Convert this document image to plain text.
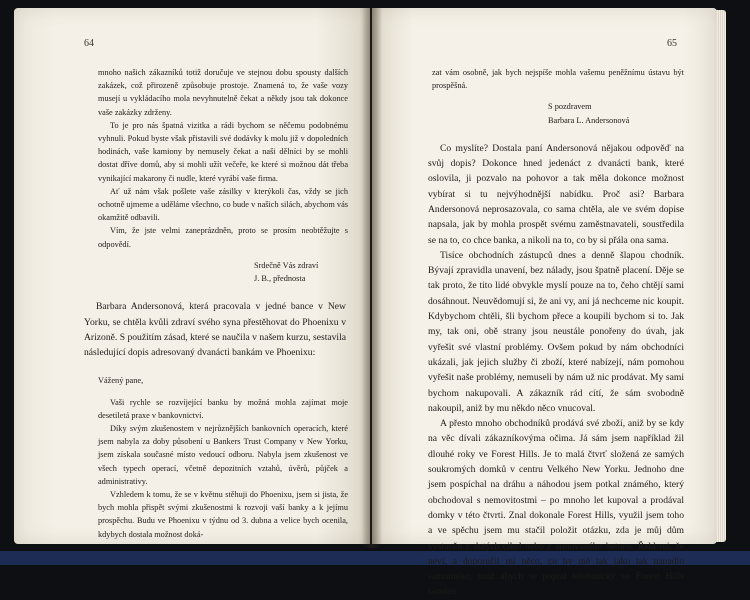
64

mnoho našich zákazníků totiž doručuje ve stejnou dobu spousty dalších zakázek, což přirozeně způsobuje prostoje. Znamená to, že vaše vozy musejí u vykládacího mola nevyhnutelně čekat a někdy jsou tak dokonce vaše zakázky zdrženy.

To je pro nás špatná vizitka a rádi bychom se něčemu podobnému vyhnuli. Pokud byste však přistavili své dodávky k molu již v dopoledních hodinách, vaše kamiony by nemusely čekat a naši dělníci by se mohli dostat dříve domů, aby si mohli užít večeře, ke které si možnou dát třeba vynikající makarony či nudle, které vyrábí vaše firma.

Ať už nám však pošlete vaše zásilky v kterýkoli čas, vždy se jich ochotně ujmeme a uděláme všechno, co bude v našich silách, abychom vás okamžitě odbavili.

Vím, že jste velmi zaneprázdněn, proto se prosím neobtěžujte s odpovědí.

Srdečně Vás zdraví

J. B., přednosta

Barbara Andersonová, která pracovala v jedné bance v New Yorku, se chtěla kvůli zdraví svého syna přestěhovat do Phoenixu v Arizoně. S použitím zásad, které se naučila v našem kurzu, sestavila následující dopis adresovaný dvanácti bankám ve Phoenixu:

Vážený pane,

Vaši rychle se rozvíjející banku by možná mohla zajímat moje desetiletá praxe v bankovnictví.

Díky svým zkušenostem v nejrůznějších bankovních operacích, které jsem nabyla za doby působení u Bankers Trust Company v New Yorku, jsem získala současné místo vedoucí odboru. Nabyla jsem zkušenost ve všech typech operací, včetně depozitních vztahů, úvěrů, půjček a administrativy.

Vzhledem k tomu, že se v květnu stěhuji do Phoenixu, jsem si jista, že bych mohla přispět svými zkušenostmi k rozvoji vaší banky a k jejímu prospěchu. Budu ve Phoenixu v týdnu od 3. dubna a velice bych ocenila, kdybych dostala možnost doká-

65

zat vám osobně, jak bych nejspíše mohla vašemu peněžnímu ústavu být prospěšná.

S pozdravem

Barbara L. Andersonová

Co myslíte? Dostala paní Andersonová nějakou odpověď na svůj dopis? Dokonce hned jedenáct z dvanácti bank, které oslovila, ji pozvalo na pohovor a tak měla dokonce možnost vybírat si tu nejvýhodnější nabídku. Proč asi? Barbara Andersonová neprosazovala, co sama chtěla, ale ve svém dopise napsala, jak by mohla prospět svému zaměstnavateli, soustředila se na to, co chce banka, a nikoli na to, co by si přála ona sama.

Tisíce obchodních zástupců dnes a denně šlapou chodník. Bývají zpravidla unavení, bez nálady, jsou špatně placení. Děje se tak proto, že tito lidé obvykle myslí pouze na to, čeho chtějí sami dosáhnout. Neuvědomují si, že ani vy, ani já nechceme nic koupit. Kdybychom chtěli, šli bychom přece a koupili bychom si to. Jak my, tak oni, obě strany jsou neustále ponořeny do úvah, jak vyřešit své vlastní problémy. Ovšem pokud by nám obchodníci ukázali, jak jejich služby či zboží, které nabízejí, nám pomohou vyřešit naše problémy, nemuseli by nám už nic prodávat. My sami bychom nakupovali. A zákazník rád cítí, že sám svobodně nakoupil, aniž by mu někdo něco vnucoval.

A přesto mnoho obchodníků prodává své zboží, aniž by se kdy na věc dívali zákazníkovýma očima. Já sám jsem například žil dlouhé roky ve Forest Hills. Je to malá čtvrť složená ze samých soukromých domků v centru Velkého New Yorku. Jednoho dne jsem pospíchal na dráhu a náhodou jsem potkal známého, který obchodoval s nemovitostmi – po mnoho let kupoval a prodával domky v této čtvrti. Znal dokonale Forest Hills, využil jsem toho a ve spěchu jsem mu stačil položit otázku, zda je můj dům vystavěn z dutých cihel nebo z armovaného betonu. Řekl mi, že neví, a doporučil mi něco, co by mě tak jako tak napadlo samotného, totiž abych se poptal telefonicky ve Forest Hills Garden
